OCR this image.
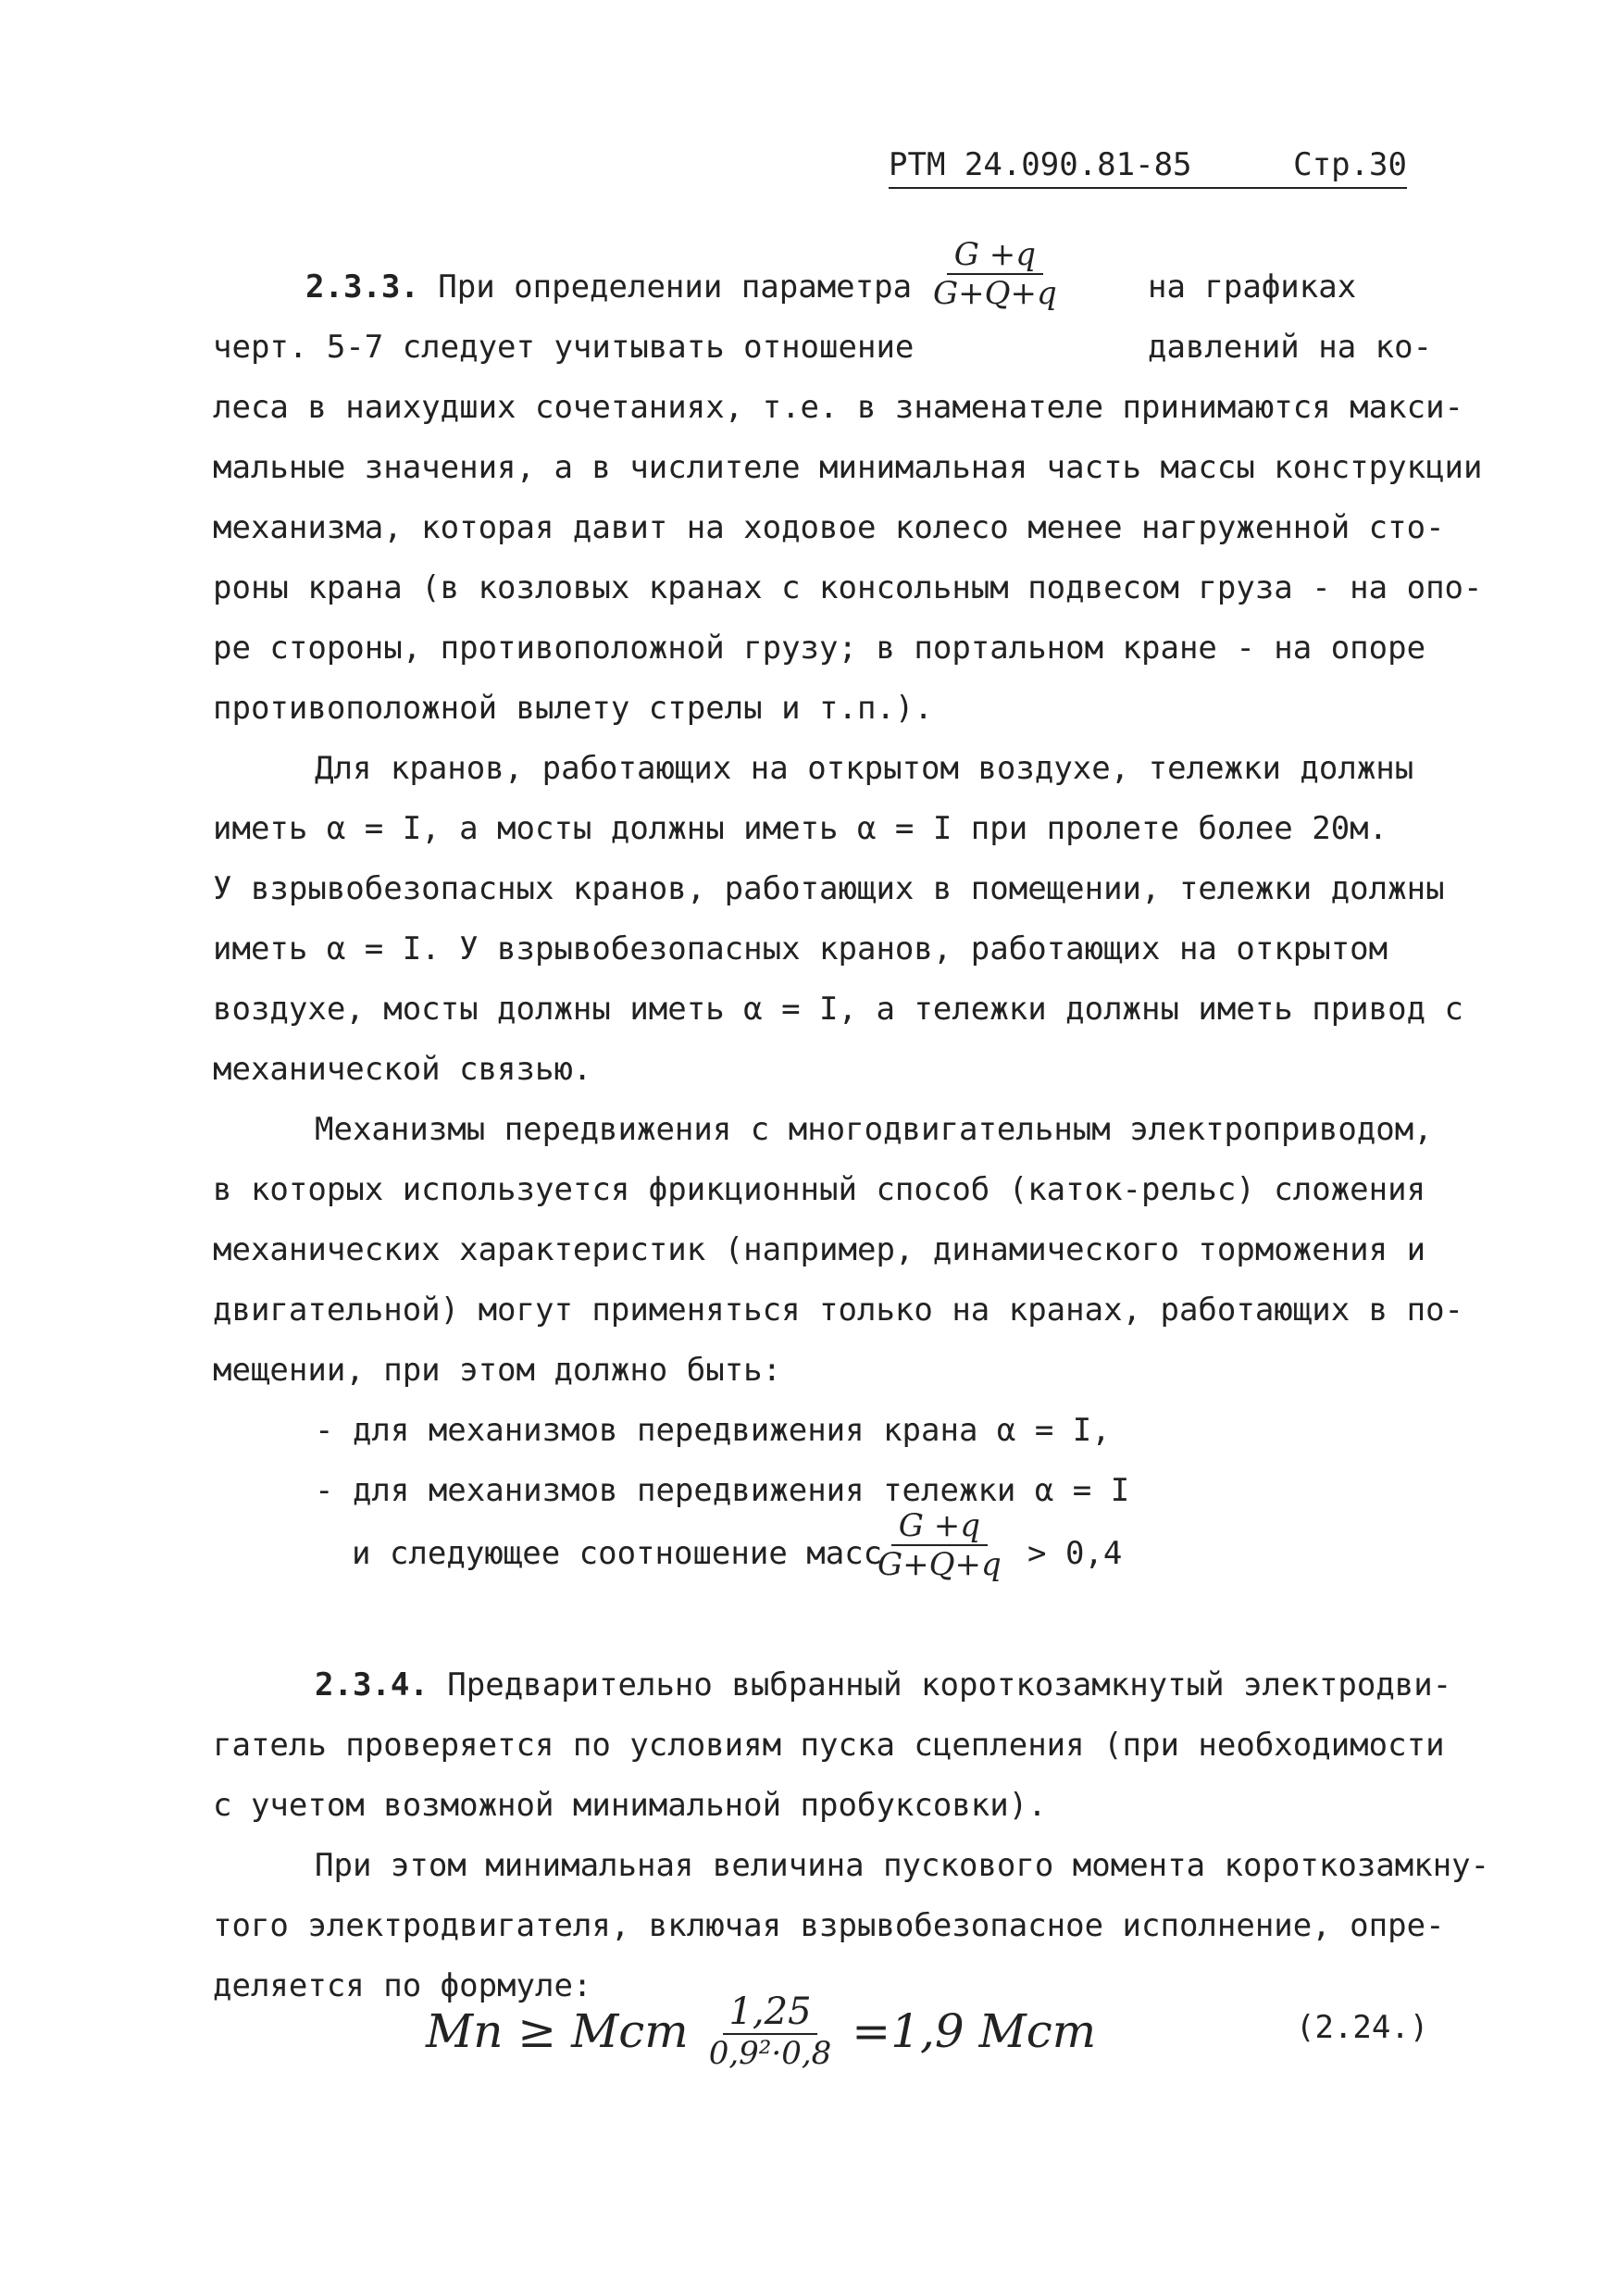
РТМ 24.090.81-85	Стр.30
2.3.3. При определении параметра $\frac{G +q}{G+Q+q}$	на графиках
черт. 5-7 следует учитывать отношение	давлений на ко-
леса в наихудших сочетаниях, т.е. в знаменателе принимаются макси-
мальные значения, а в числителе минимальная часть массы конструкции
механизма, которая давит на ходовое колесо менее нагруженной сто-
роны крана (в козловых кранах с консольным подвесом груза - на опо-
ре стороны, противоположной грузу; в портальном кране - на опоре
противоположной вылету стрелы и т.п.).
Для кранов, работающих на открытом воздухе, тележки должны
иметь α = I, а мосты должны иметь α = I при пролете более 20м.
У взрывобезопасных кранов, работающих в помещении, тележки должны
иметь α = I. У взрывобезопасных кранов, работающих на открытом
воздухе, мосты должны иметь α = I, а тележки должны иметь привод с
механической связью.
Механизмы передвижения с многодвигательным электроприводом,
в которых используется фрикционный способ (каток-рельс) сложения
механических характеристик (например, динамического торможения и
двигательной) могут применяться только на кранах, работающих в по-
мещении, при этом должно быть:
- для механизмов передвижения крана α = I,
- для механизмов передвижения тележки α = I
и следующее соотношение масс
$\frac{G +q}{G+Q+q} > 0,4$
2.3.4. Предварительно выбранный короткозамкнутый электродви-
гатель проверяется по условиям пуска сцепления (при необходимости
с учетом возможной минимальной пробуксовки).
При этом минимальная величина пускового момента короткозамкну-
того электродвигателя, включая взрывобезопасное исполнение, опре-
деляется по формуле:
Mп ≥ Mст $\frac{1,25}{\text{0,9²·0,8}} =1,9$ Mст	(2.24.)
